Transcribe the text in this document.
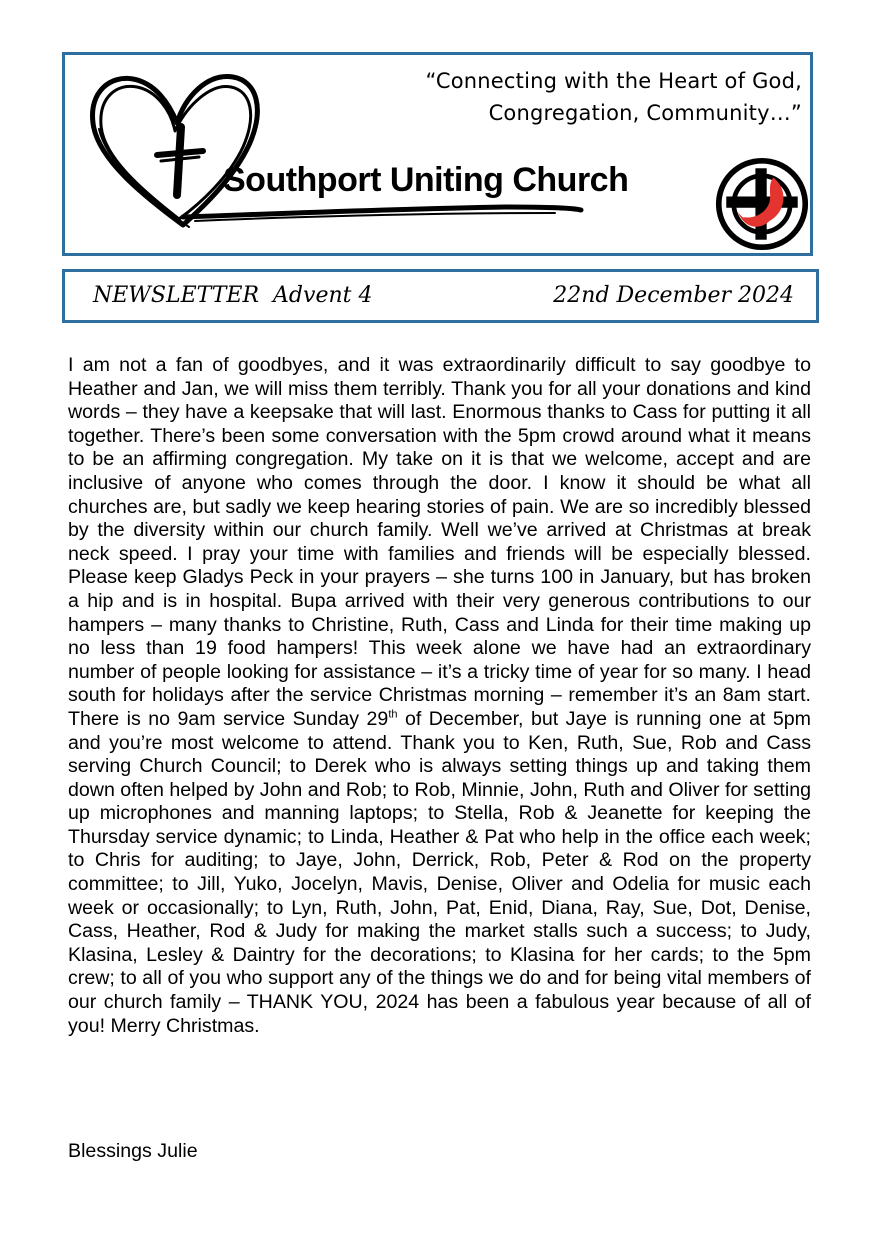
“Connecting with the Heart of God,
Congregation, Community…”
Southport Uniting Church
NEWSLETTER Advent 4	22nd December 2024

I am not a fan of goodbyes, and it was extraordinarily difficult to say goodbye to Heather and Jan, we will miss them terribly. Thank you for all your donations and kind words – they have a keepsake that will last. Enormous thanks to Cass for putting it all together. There’s been some conversation with the 5pm crowd around what it means to be an affirming congregation. My take on it is that we welcome, accept and are inclusive of anyone who comes through the door. I know it should be what all churches are, but sadly we keep hearing stories of pain. We are so incredibly blessed by the diversity within our church family. Well we’ve arrived at Christmas at break neck speed. I pray your time with families and friends will be especially blessed. Please keep Gladys Peck in your prayers – she turns 100 in January, but has broken a hip and is in hospital. Bupa arrived with their very generous contributions to our hampers – many thanks to Christine, Ruth, Cass and Linda for their time making up no less than 19 food hampers! This week alone we have had an extraordinary number of people looking for assistance – it’s a tricky time of year for so many. I head south for holidays after the service Christmas morning – remember it’s an 8am start. There is no 9am service Sunday 29th of December, but Jaye is running one at 5pm and you’re most welcome to attend. Thank you to Ken, Ruth, Sue, Rob and Cass serving Church Council; to Derek who is always setting things up and taking them down often helped by John and Rob; to Rob, Minnie, John, Ruth and Oliver for setting up microphones and manning laptops; to Stella, Rob & Jeanette for keeping the Thursday service dynamic; to Linda, Heather & Pat who help in the office each week; to Chris for auditing; to Jaye, John, Derrick, Rob, Peter & Rod on the property committee; to Jill, Yuko, Jocelyn, Mavis, Denise, Oliver and Odelia for music each week or occasionally; to Lyn, Ruth, John, Pat, Enid, Diana, Ray, Sue, Dot, Denise, Cass, Heather, Rod & Judy for making the market stalls such a success; to Judy, Klasina, Lesley & Daintry for the decorations; to Klasina for her cards; to the 5pm crew; to all of you who support any of the things we do and for being vital members of our church family – THANK YOU, 2024 has been a fabulous year because of all of you! Merry Christmas.

Blessings Julie
